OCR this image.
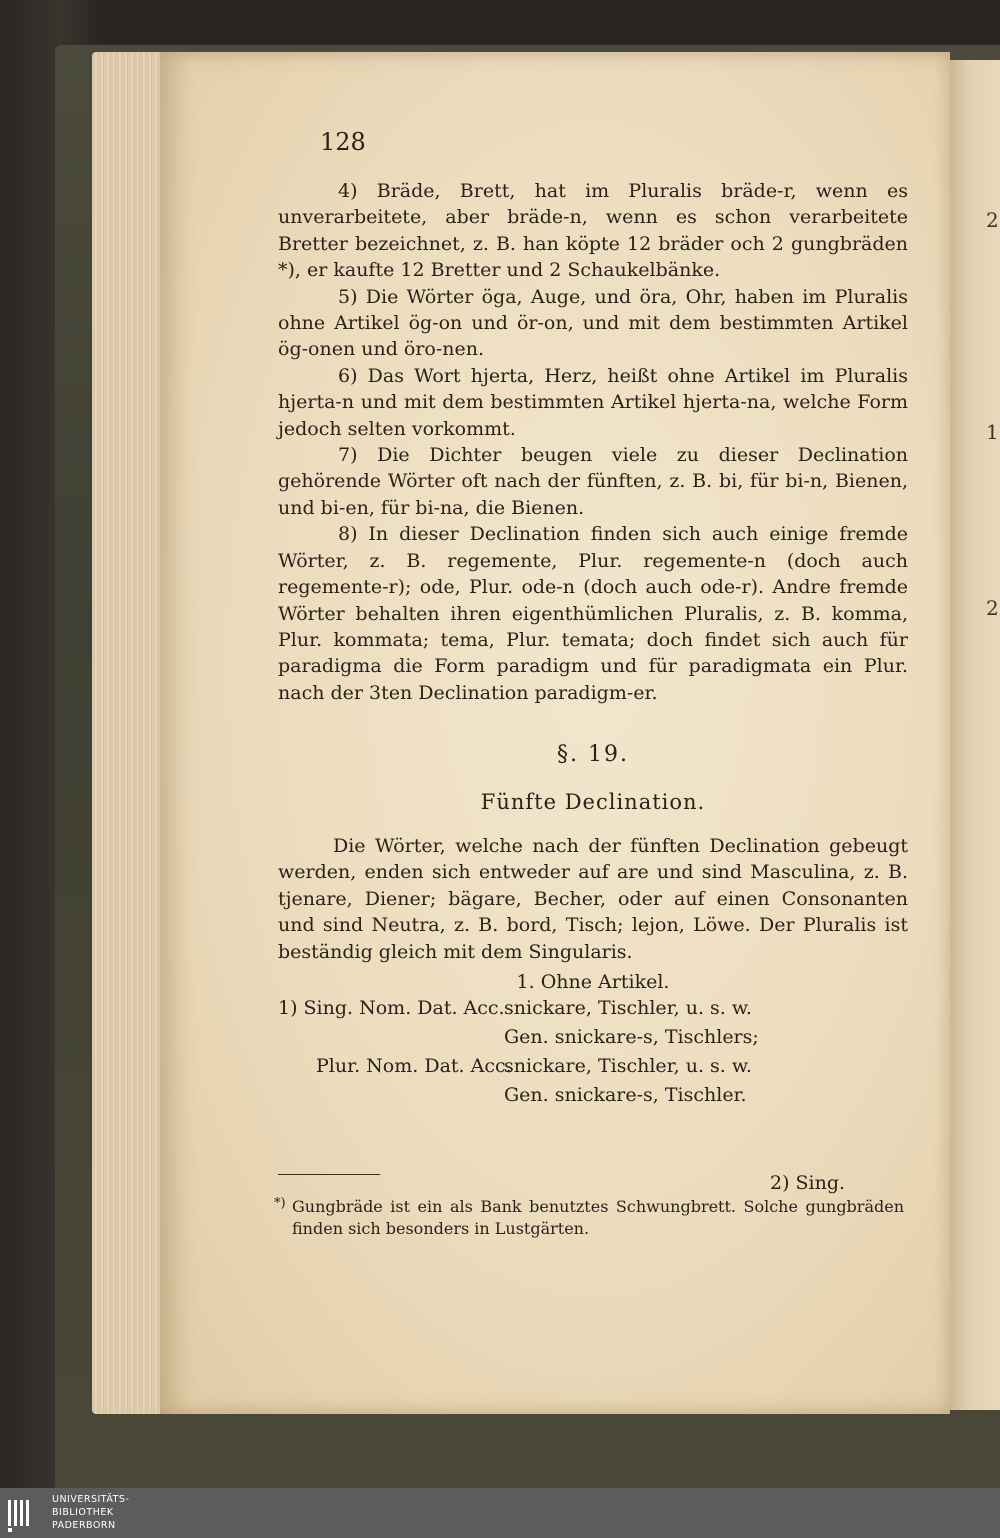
2
1
2
128

4) Bräde, Brett, hat im Pluralis bräde-r, wenn es unverarbeitete, aber bräde-n, wenn es schon verarbeitete Bretter bezeichnet, z. B. han köpte 12 bräder och 2 gungbräden *), er kaufte 12 Bretter und 2 Schaukelbänke.

5) Die Wörter öga, Auge, und öra, Ohr, haben im Pluralis ohne Artikel ög-on und ör-on, und mit dem bestimmten Artikel ög-onen und öro-nen.

6) Das Wort hjerta, Herz, heißt ohne Artikel im Pluralis hjerta-n und mit dem bestimmten Artikel hjerta-na, welche Form jedoch selten vorkommt.

7) Die Dichter beugen viele zu dieser Declination gehörende Wörter oft nach der fünften, z. B. bi, für bi-n, Bienen, und bi-en, für bi-na, die Bienen.

8) In dieser Declination finden sich auch einige fremde Wörter, z. B. regemente, Plur. regemente-n (doch auch regemente-r); ode, Plur. ode-n (doch auch ode-r). Andre fremde Wörter behalten ihren eigenthümlichen Pluralis, z. B. komma, Plur. kommata; tema, Plur. temata; doch findet sich auch für paradigma die Form paradigm und für paradigmata ein Plur. nach der 3ten Declination paradigm-er.

§. 19.
Fünfte Declination.

Die Wörter, welche nach der fünften Declination gebeugt werden, enden sich entweder auf are und sind Masculina, z. B. tjenare, Diener; bägare, Becher, oder auf einen Consonanten und sind Neutra, z. B. bord, Tisch; lejon, Löwe. Der Pluralis ist beständig gleich mit dem Singularis.

1. Ohne Artikel.
1) Sing. Nom. Dat. Acc. snickare, Tischler, u. s. w.
Gen. snickare-s, Tischlers;
Plur. Nom. Dat. Acc.
snickare, Tischler, u. s. w.
Gen. snickare-s, Tischler.
2) Sing.
*) Gungbräde ist ein als Bank benutztes Schwungbrett. Solche gungbräden finden sich besonders in Lustgärten.
UNIVERSITÄTS-
BIBLIOTHEK
PADERBORN
